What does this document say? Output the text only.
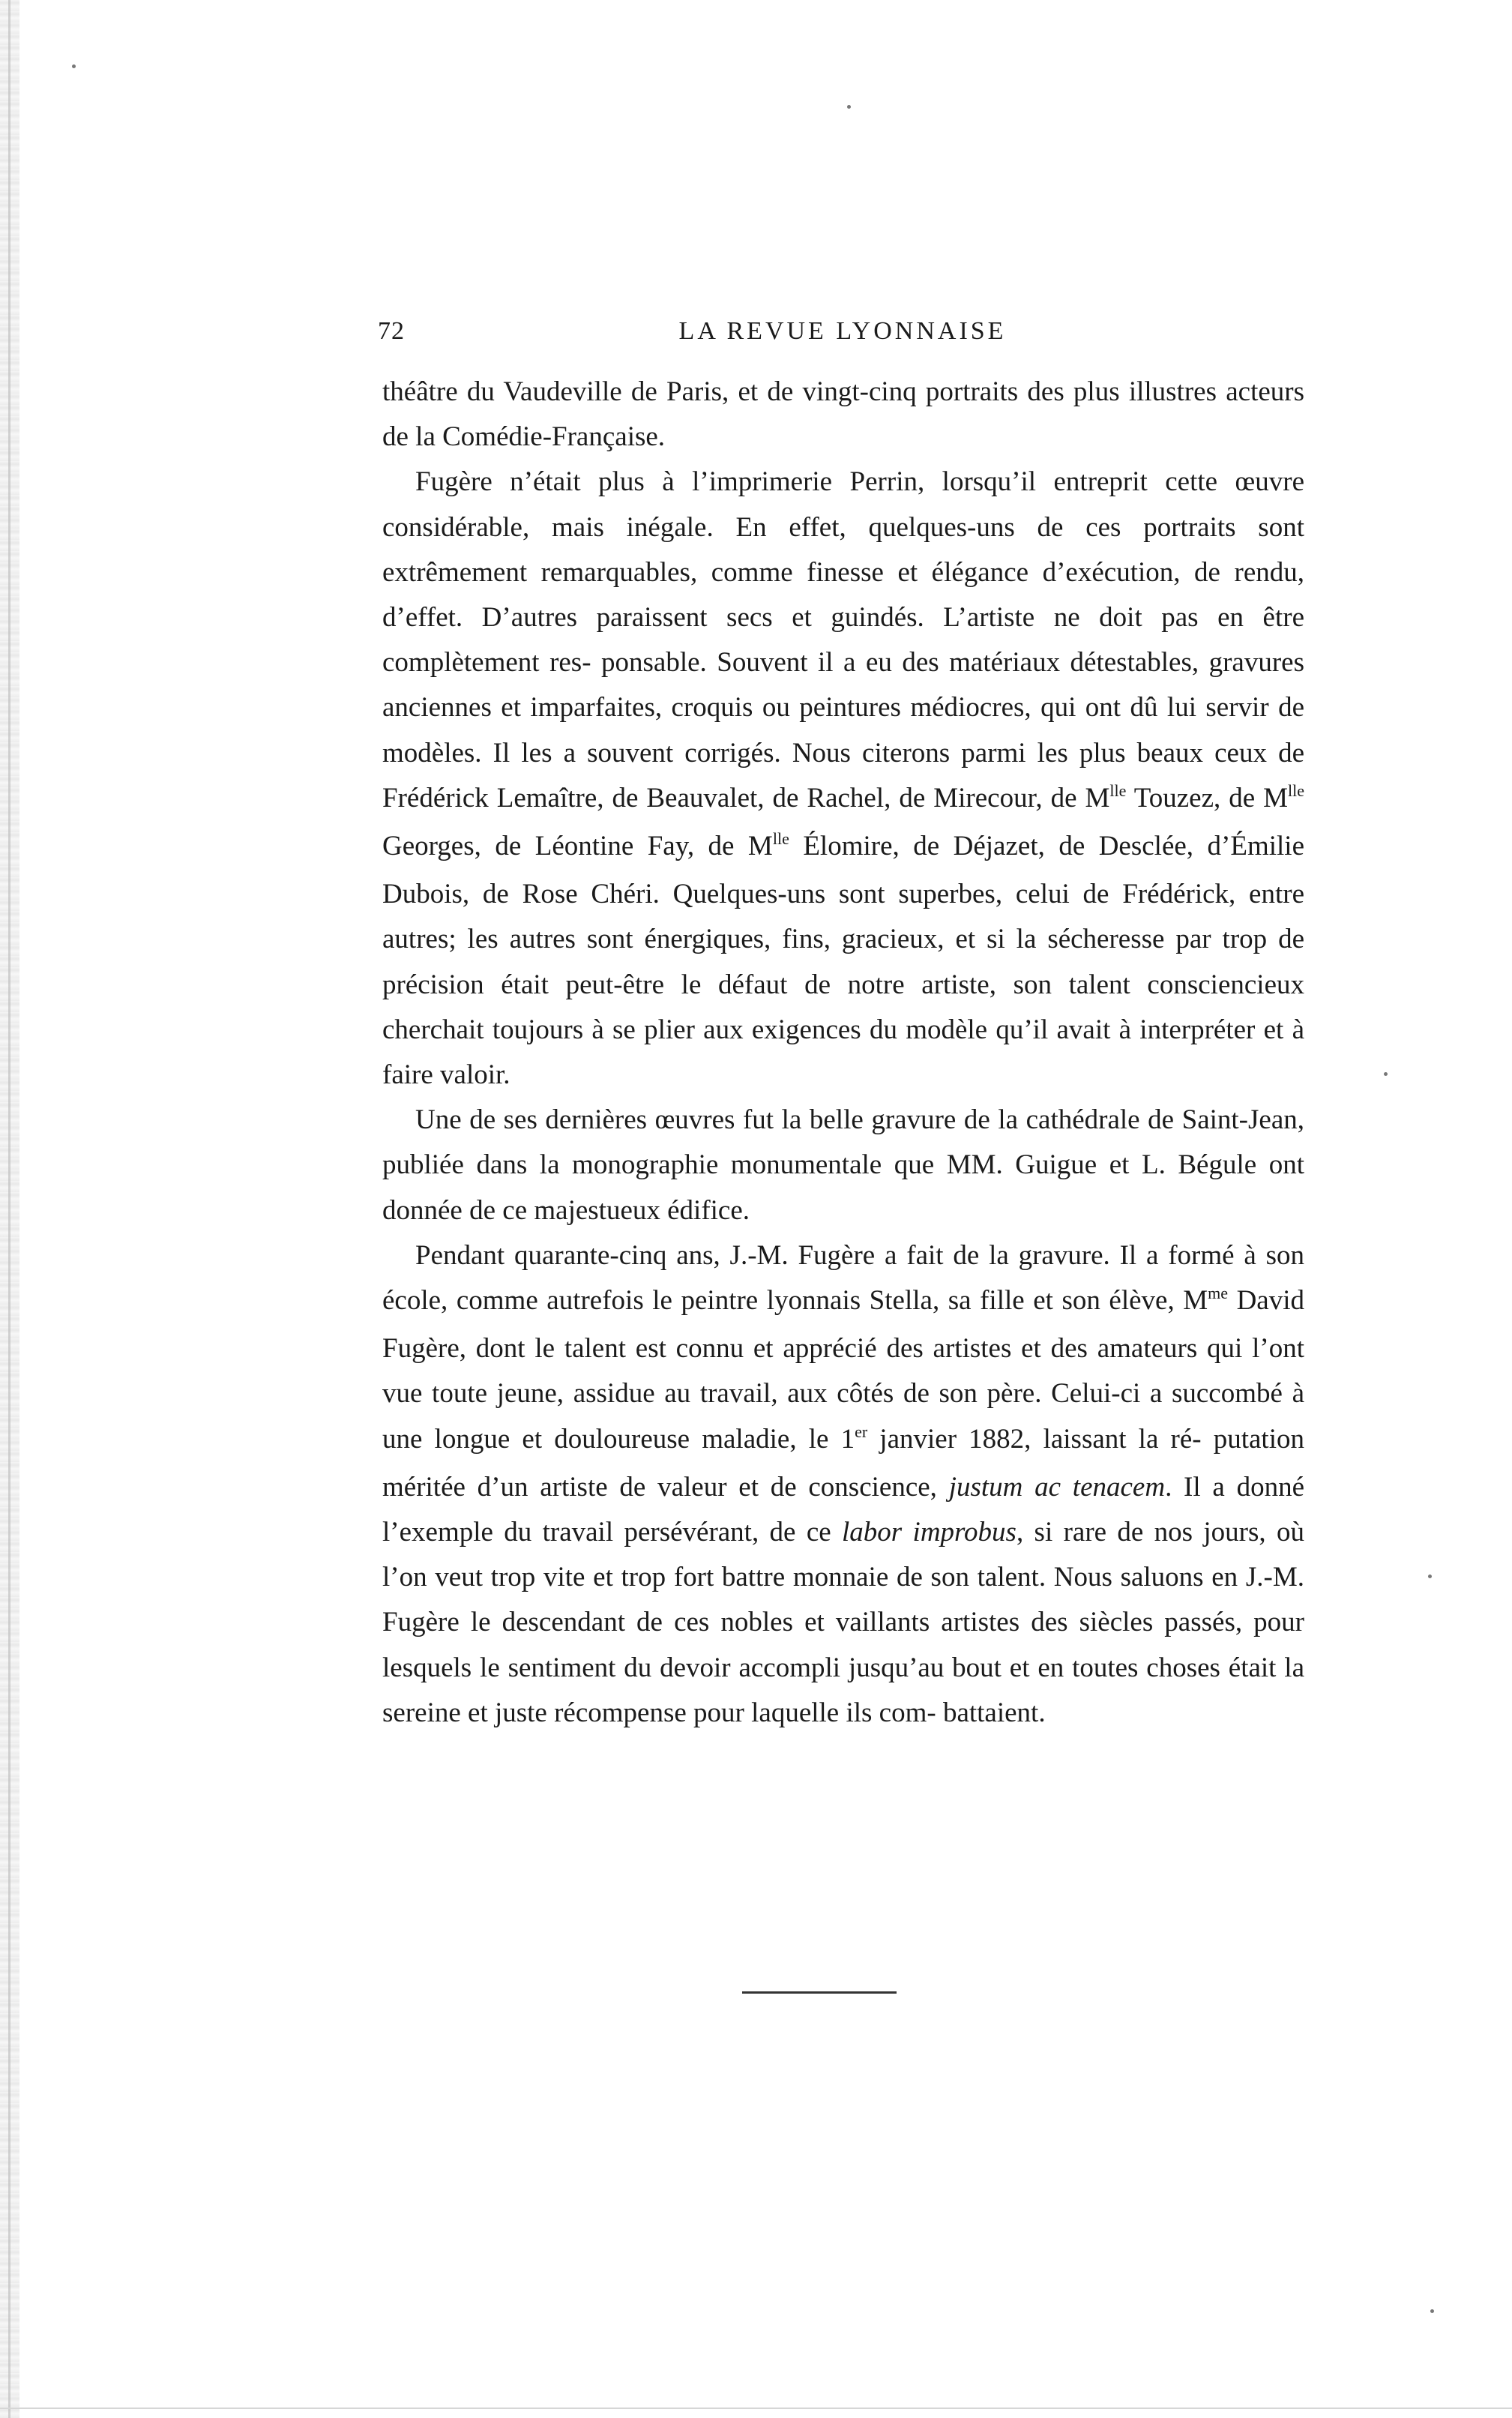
72	LA REVUE LYONNAISE

théâtre du Vaudeville de Paris, et de vingt-cinq portraits des plus illustres acteurs de la Comédie-Française.

Fugère n’était plus à l’imprimerie Perrin, lorsqu’il entreprit cette œuvre considérable, mais inégale. En effet, quelques-uns de ces portraits sont extrêmement remarquables, comme finesse et élégance d’exécution, de rendu, d’effet. D’autres paraissent secs et guindés. L’artiste ne doit pas en être complètement res- ponsable. Souvent il a eu des matériaux détestables, gravures anciennes et imparfaites, croquis ou peintures médiocres, qui ont dû lui servir de modèles. Il les a souvent corrigés. Nous citerons parmi les plus beaux ceux de Frédérick Lemaître, de Beauvalet, de Rachel, de Mirecour, de $M^{lle}$ Touzez, de $M^{lle}$ Georges, de Léontine Fay, de $M^{lle}$ Élomire, de Déjazet, de Desclée, d’Émilie Dubois, de Rose Chéri. Quelques-uns sont superbes, celui de Frédérick, entre autres; les autres sont énergiques, fins, gracieux, et si la sécheresse par trop de précision était peut-être le défaut de notre artiste, son talent consciencieux cherchait toujours à se plier aux exigences du modèle qu’il avait à interpréter et à faire valoir.

Une de ses dernières œuvres fut la belle gravure de la cathédrale de Saint-Jean, publiée dans la monographie monumentale que MM. Guigue et L. Bégule ont donnée de ce majestueux édifice.

Pendant quarante-cinq ans, J.-M. Fugère a fait de la gravure. Il a formé à son école, comme autrefois le peintre lyonnais Stella, sa fille et son élève, $M^{me}$ David Fugère, dont le talent est connu et apprécié des artistes et des amateurs qui l’ont vue toute jeune, assidue au travail, aux côtés de son père. Celui-ci a succombé à une longue et douloureuse maladie, le 1er janvier 1882, laissant la ré- putation méritée d’un artiste de valeur et de conscience, justum ac tenacem. Il a donné l’exemple du travail persévérant, de ce labor improbus, si rare de nos jours, où l’on veut trop vite et trop fort battre monnaie de son talent. Nous saluons en J.-M. Fugère le descendant de ces nobles et vaillants artistes des siècles passés, pour lesquels le sentiment du devoir accompli jusqu’au bout et en toutes choses était la sereine et juste récompense pour laquelle ils com- battaient.
